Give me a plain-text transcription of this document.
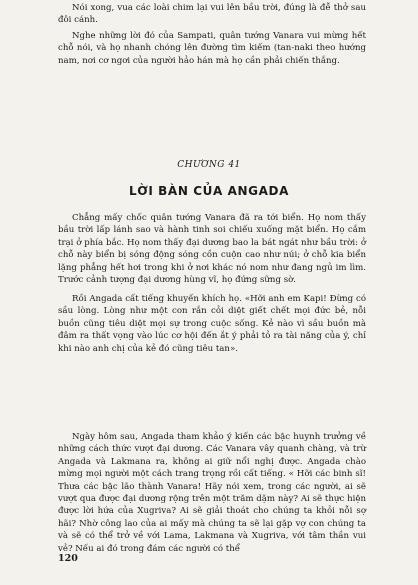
Nói xong, vua các loài chim lại vui lên bầu trời, đúng là đễ thở sau đôi cánh.

Nghe những lời đó của Sampati, quân tướng Vanara vui mừng hết chỗ nói, và họ nhanh chóng lên đường tìm kiếm (tan-naki theo hướng nam, nơi cơ ngơi của người hảo hán mà họ cần phải chiến thắng.

CHƯƠNG 41
LỜI BÀN CỦA ANGADA

Chẳng mấy chốc quân tướng Vanara đã ra tới biển. Họ nom thấy bầu trời lấp lánh sao và hành tinh soi chiếu xuống mặt biển. Họ cắm trại ở phía bắc. Họ nom thấy đại dương bao la bát ngát như bầu trời: ở chỗ này biển bị sóng động sóng cồn cuộn cao như núi; ở chỗ kia biển lặng phẳng hết hơi trong khi ở nơi khác nó nom như đang ngủ im lìm. Trước cảnh tượng đại dương hùng vĩ, họ đứng sững sờ.

Rồi Angada cất tiếng khuyến khích họ. «Hỡi anh em Kapi! Đừng có sầu lòng. Lòng như một con rắn cỏi diệt giết chết mọi đức bẻ, nỗi buồn cũng tiêu diệt mọi sự trong cuộc sống. Kẻ nào vì sầu buồn mà đâm ra thất vọng vào lúc cơ hội đến ắt ý phải tỏ ra tài năng của ý, chỉ khi nào anh chị của kẻ đó cũng tiêu tan».

Ngày hôm sau, Angada tham khảo ý kiến các bậc huynh trưởng về những cách thức vượt đại dương. Các Vanara vây quanh chàng, và trừ Angada và Lakmana ra, không ai giữ nổi nghị được. Angada chào mừng mọi người một cách trang trọng rồi cất tiếng. « Hỡi các binh sĩ! Thưa các bậc lão thành Vanara! Hãy nói xem, trong các người, ai sẽ vượt qua được đại dương rộng trên một trăm dặm này? Ai sẽ thực hiện được lời hứa của Xugriva? Ai sẽ giải thoát cho chúng ta khỏi nỗi sợ hãi? Nhờ công lao của ai mấy mà chúng ta sẽ lại gặp vợ con chúng ta và sẽ có thể trở về với Lama, Lakmana và Xugriva, với tâm thần vui vẻ? Nếu ai đó trong đám các người có thể

120
